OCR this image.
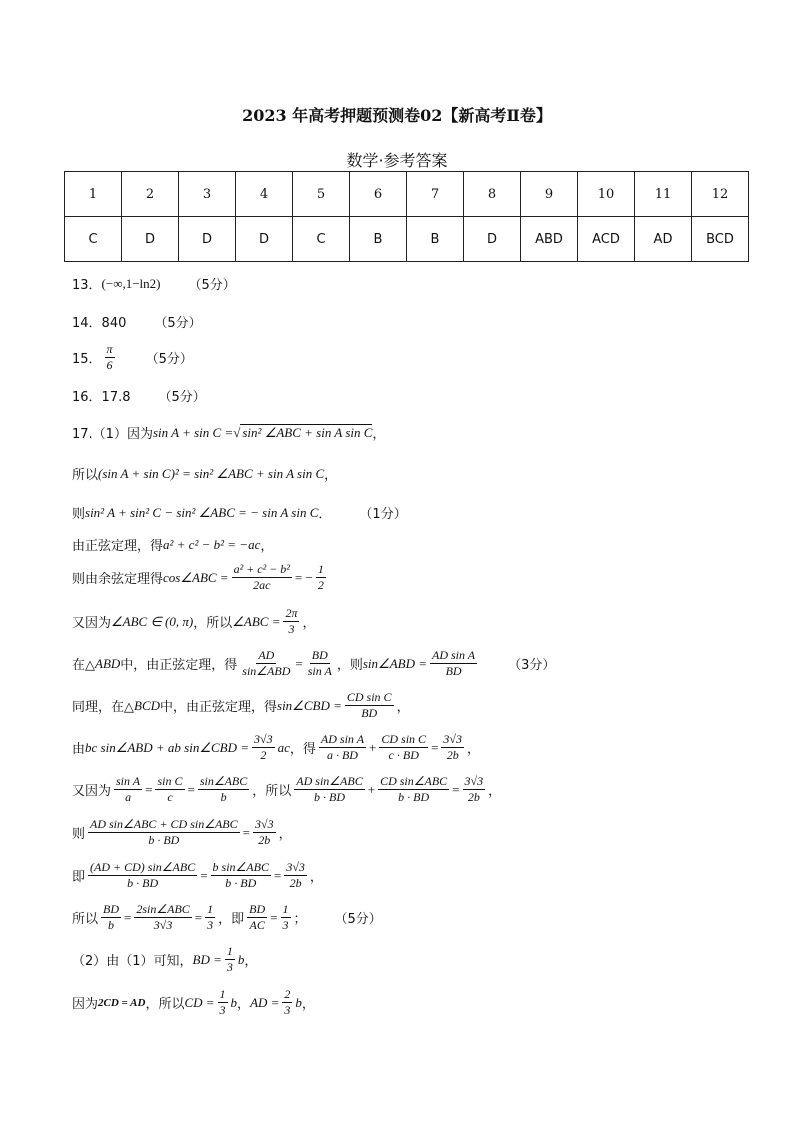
2023 年高考押题预测卷02【新高考Ⅱ卷】
数学·参考答案
1	2	3	4	5	6	7	8	9	10	11	12
C	D	D	D	C	B	B	D	ABD	ACD	AD	BCD
13． (−∞,1−ln2) （5分）
14．840 （5分）
15． $\frac{\pi}{6} (5$分）
16．17.8 （5分）
17.（1）因为 sin A + sin C = √ sin² ∠ABC + sin A sin C ，
所以 (sin A + sin C)² = sin² ∠ABC + sin A sin C ，
则 sin² A + sin² C − sin² ∠ABC = − sin A sin C ． （1分）
由正弦定理，得 a² + c² − b² = −ac ，
则由余弦定理得 cos∠ABC = $\frac{\text{a² + c² − b²}}{2ac}$ = − $\frac{1}{2}$
又因为 ∠ABC ∈ (0, π) ，所以 ∠ABC = $\frac{2\pi}{3}$ ，
在△ ABD 中，由正弦定理，得 $\frac{AD}{\text{sin∠ABD}} = \frac{BD}{\text{sin A}}$ ，则 sin∠ABD = $\frac{\text{AD sin A}}{BD} (3$分）
同理，在△ BCD 中，由正弦定理，得 sin∠CBD = $\frac{\text{CD sin C}}{BD}$ ，
由 bc sin∠ABD + ab sin∠CBD = $\frac{3√3}{2}$ ac ，得 $\frac{\text{AD sin A}}{a \cdot BD} + \frac{\text{CD sin C}}{c \cdot BD} = \frac{3√3}{2b}$ ，
又因为 $\frac{\text{sin A}}{a} = \frac{\text{sin C}}{c} = \frac{\text{sin∠ABC}}{b}$ ，所以 $\frac{\text{AD sin∠ABC}}{b \cdot BD} + \frac{\text{CD sin∠ABC}}{b \cdot BD} = \frac{3√3}{2b}$ ，
则 $\frac{\text{AD sin∠ABC + CD sin∠ABC}}{b \cdot BD} = \frac{3√3}{2b}$ ，
即 $\frac{\text{(AD + CD) sin∠ABC}}{b \cdot BD} = \frac{\text{b sin∠ABC}}{b \cdot BD} = \frac{3√3}{2b}$ ，
所以 $\frac{BD}{b} = \frac{\text{2sin∠ABC}}{3√3} = \frac{1}{3}$ ，即 $\frac{BD}{AC} = \frac{1}{3}$ ； （5分）
（2）由（1）可知， BD = $\frac{1}{3}$ b ，
因为 2CD = AD ，所以 CD = $\frac{1}{3}$ b ， AD = $\frac{2}{3}$ b ，
